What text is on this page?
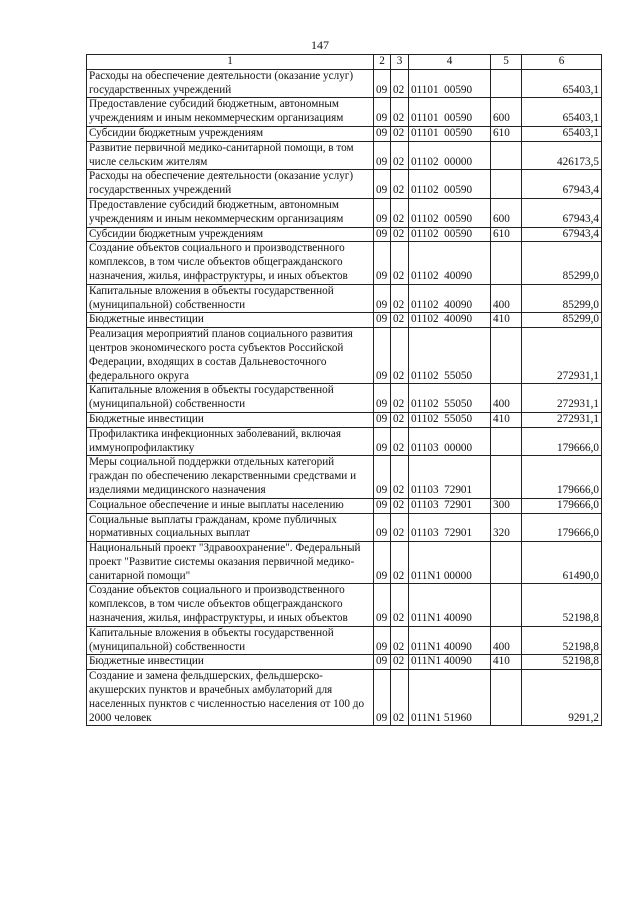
147
1	2	3	4	5	6
Расходы на обеспечение деятельности (оказание услуг) государственных учреждений	09	02	01101  00590		65403,1
Предоставление субсидий бюджетным, автономным учреждениям и иным некоммерческим организациям	09	02	01101  00590	600	65403,1
Субсидии бюджетным учреждениям	09	02	01101  00590	610	65403,1
Развитие первичной медико-санитарной помощи, в том числе сельским жителям	09	02	01102  00000		426173,5
Расходы на обеспечение деятельности (оказание услуг) государственных учреждений	09	02	01102  00590		67943,4
Предоставление субсидий бюджетным, автономным учреждениям и иным некоммерческим организациям	09	02	01102  00590	600	67943,4
Субсидии бюджетным учреждениям	09	02	01102  00590	610	67943,4
Создание объектов социального и производственного комплексов, в том числе объектов общегражданского назначения, жилья, инфраструктуры, и иных объектов	09	02	01102  40090		85299,0
Капитальные вложения в объекты государственной (муниципальной) собственности	09	02	01102  40090	400	85299,0
Бюджетные инвестиции	09	02	01102  40090	410	85299,0
Реализация мероприятий планов социального развития центров экономического роста субъектов Российской Федерации, входящих в состав Дальневосточного федерального округа	09	02	01102  55050		272931,1
Капитальные вложения в объекты государственной (муниципальной) собственности	09	02	01102  55050	400	272931,1
Бюджетные инвестиции	09	02	01102  55050	410	272931,1
Профилактика инфекционных заболеваний, включая иммунопрофилактику	09	02	01103  00000		179666,0
Меры социальной поддержки отдельных категорий граждан по обеспечению лекарственными средствами и изделиями медицинского назначения	09	02	01103  72901		179666,0
Социальное обеспечение и иные выплаты населению	09	02	01103  72901	300	179666,0
Социальные выплаты гражданам, кроме публичных нормативных социальных выплат	09	02	01103  72901	320	179666,0
Национальный проект "Здравоохранение". Федеральный проект "Развитие системы оказания первичной медико-санитарной помощи"	09	02	011N1 00000		61490,0
Создание объектов социального и производственного комплексов, в том числе объектов общегражданского назначения, жилья, инфраструктуры, и иных объектов	09	02	011N1 40090		52198,8
Капитальные вложения в объекты государственной (муниципальной) собственности	09	02	011N1 40090	400	52198,8
Бюджетные инвестиции	09	02	011N1 40090	410	52198,8
Создание и замена фельдшерских, фельдшерско-акушерских пунктов и врачебных амбулаторий для населенных пунктов с численностью населения от 100 до 2000 человек	09	02	011N1 51960		9291,2
